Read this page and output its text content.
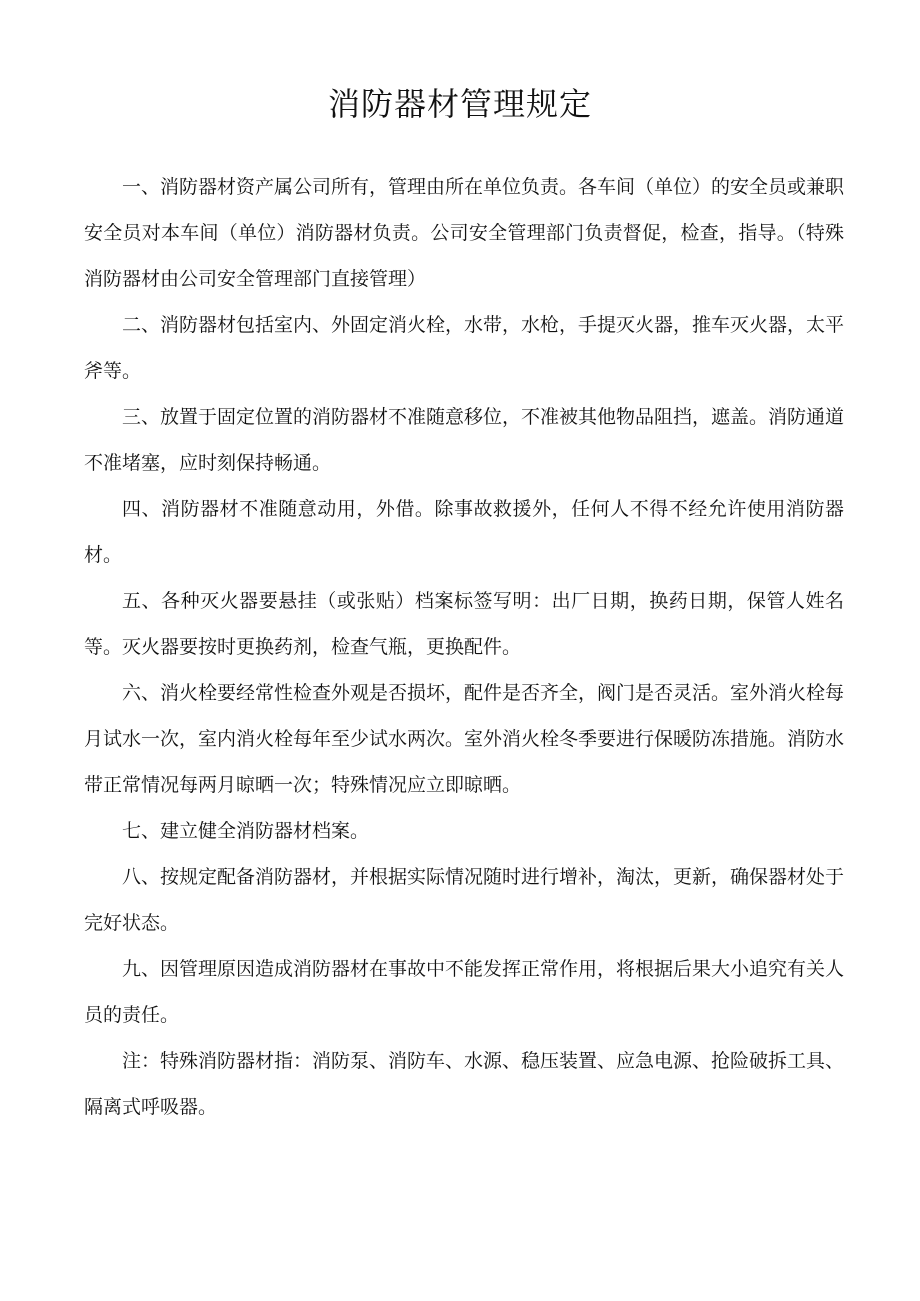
消防器材管理规定

一、消防器材资产属公司所有，管理由所在单位负责。各车间（单位）的安全员或兼职安全员对本车间（单位）消防器材负责。公司安全管理部门负责督促，检查，指导。（特殊消防器材由公司安全管理部门直接管理）

二、消防器材包括室内、外固定消火栓，水带，水枪，手提灭火器，推车灭火器，太平斧等。

三、放置于固定位置的消防器材不准随意移位，不准被其他物品阻挡，遮盖。消防通道不准堵塞，应时刻保持畅通。

四、消防器材不准随意动用，外借。除事故救援外，任何人不得不经允许使用消防器材。

五、各种灭火器要悬挂（或张贴）档案标签写明：出厂日期，换药日期，保管人姓名等。灭火器要按时更换药剂，检查气瓶，更换配件。

六、消火栓要经常性检查外观是否损坏，配件是否齐全，阀门是否灵活。室外消火栓每月试水一次，室内消火栓每年至少试水两次。室外消火栓冬季要进行保暖防冻措施。消防水带正常情况每两月晾晒一次；特殊情况应立即晾晒。

七、建立健全消防器材档案。

八、按规定配备消防器材，并根据实际情况随时进行增补，淘汰，更新，确保器材处于完好状态。

九、因管理原因造成消防器材在事故中不能发挥正常作用，将根据后果大小追究有关人员的责任。

注：特殊消防器材指：消防泵、消防车、水源、稳压装置、应急电源、抢险破拆工具、隔离式呼吸器。
